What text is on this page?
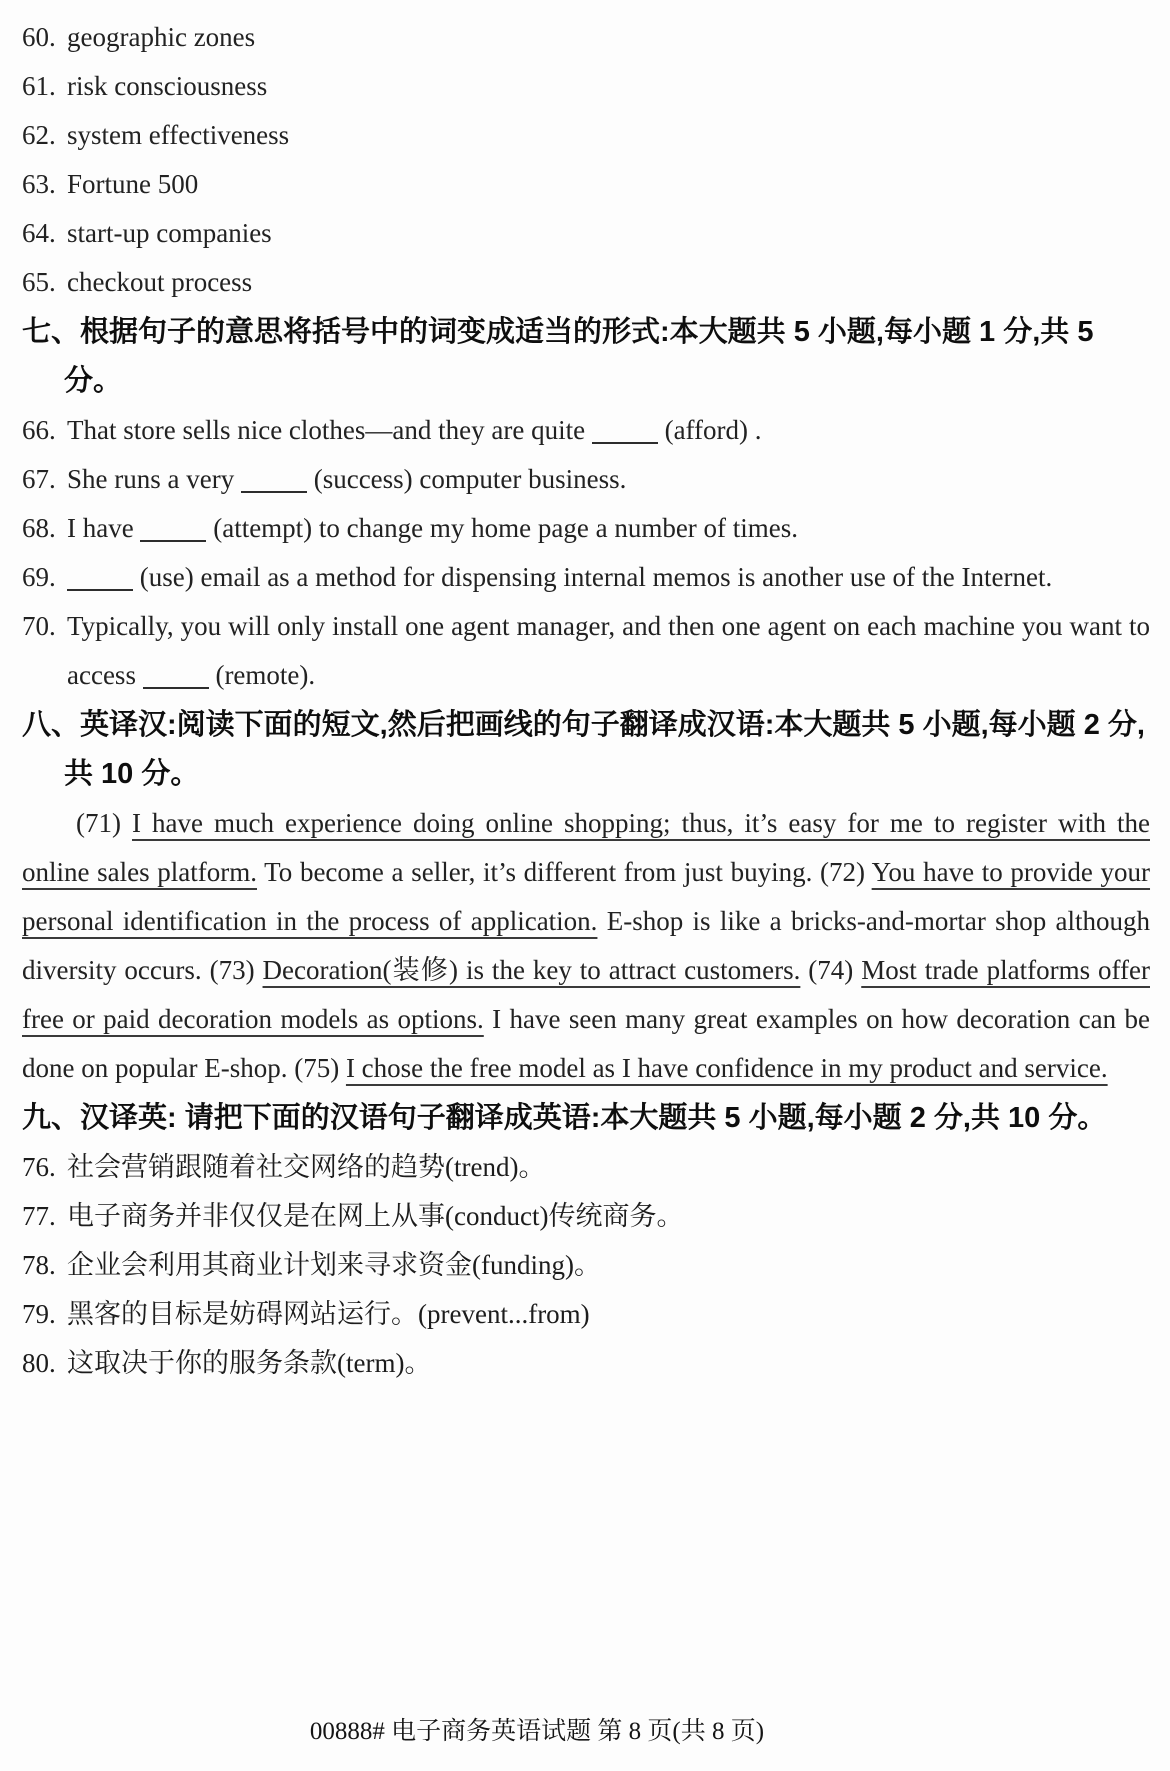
60. geographic zones
61. risk consciousness
62. system effectiveness
63. Fortune 500
64. start-up companies
65. checkout process
七、根据句子的意思将括号中的词变成适当的形式:本大题共 5 小题,每小题 1 分,共 5 分。
66. That store sells nice clothes—and they are quite  (afford) .
67. She runs a very  (success) computer business.
68. I have  (attempt) to change my home page a number of times.
69.	(use) email as a method for dispensing internal memos is another use of the Internet.
70. Typically, you will only install one agent manager, and then one agent on each machine you want to access  (remote).
八、英译汉:阅读下面的短文,然后把画线的句子翻译成汉语:本大题共 5 小题,每小题 2 分,共 10 分。
(71) I have much experience doing online shopping; thus, it’s easy for me to register with the online sales platform. To become a seller, it’s different from just buying. (72) You have to provide your personal identification in the process of application. E-shop is like a bricks-and-mortar shop although diversity occurs. (73) Decoration(装修) is the key to attract customers. (74) Most trade platforms offer free or paid decoration models as options. I have seen many great examples on how decoration can be done on popular E-shop. (75) I chose the free model as I have confidence in my product and service.
九、汉译英: 请把下面的汉语句子翻译成英语:本大题共 5 小题,每小题 2 分,共 10 分。
76. 社会营销跟随着社交网络的趋势(trend)。
77. 电子商务并非仅仅是在网上从事(conduct)传统商务。
78. 企业会利用其商业计划来寻求资金(funding)。
79. 黑客的目标是妨碍网站运行。(prevent...from)
80. 这取决于你的服务条款(term)。
00888# 电子商务英语试题 第 8 页(共 8 页)
